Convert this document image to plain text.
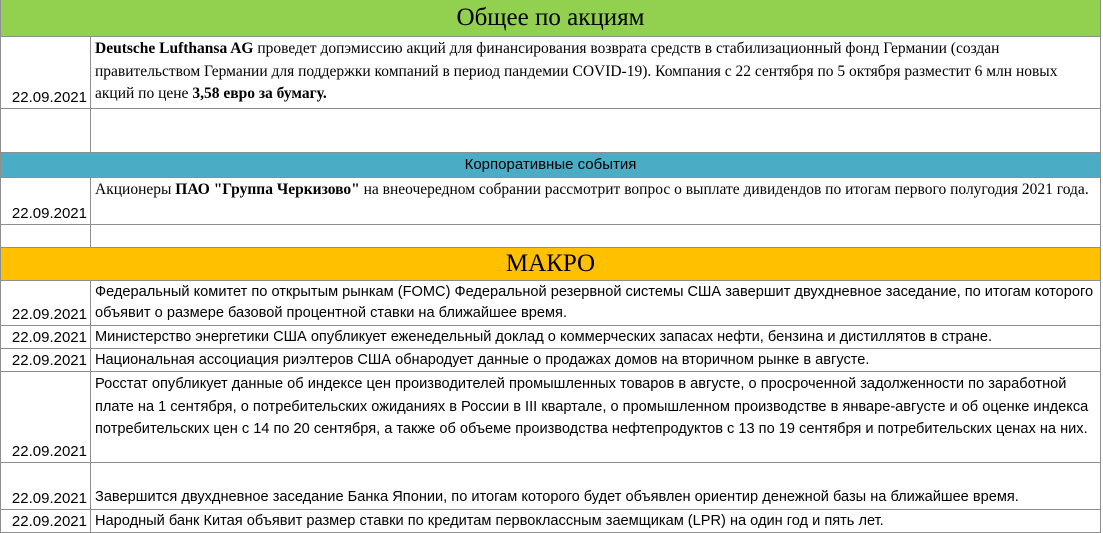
Общее по акциям
22.09.2021
Deutsche Lufthansa AG проведет допэмиссию акций для финансирования возврата средств в стабилизационный фонд Германии (создан правительством Германии для поддержки компаний в период пандемии COVID-19). Компания с 22 сентября по 5 октября разместит 6 млн новых акций по цене 3,58 евро за бумагу.
Корпоративные события
22.09.2021
Акционеры ПАО "Группа Черкизово" на внеочередном собрании рассмотрит вопрос о выплате дивидендов по итогам первого полугодия 2021 года.
МАКРО
22.09.2021
Федеральный комитет по открытым рынкам (FOMC) Федеральной резервной системы США завершит двухдневное заседание, по итогам которого объявит о размере базовой процентной ставки на ближайшее время.
22.09.2021 Министерство энергетики США опубликует еженедельный доклад о коммерческих запасах нефти, бензина и дистиллятов в стране.
22.09.2021 Национальная ассоциация риэлтеров США обнародует данные о продажах домов на вторичном рынке в августе.
22.09.2021
Росстат опубликует данные об индексе цен производителей промышленных товаров в августе, о просроченной задолженности по заработной плате на 1 сентября, о потребительских ожиданиях в России в III квартале, о промышленном производстве в январе-августе и об оценке индекса потребительских цен с 14 по 20 сентября, а также об объеме производства нефтепродуктов с 13 по 19 сентября и потребительских ценах на них.
22.09.2021 Завершится двухдневное заседание Банка Японии, по итогам которого будет объявлен ориентир денежной базы на ближайшее время.
22.09.2021 Народный банк Китая объявит размер ставки по кредитам первоклассным заемщикам (LPR) на один год и пять лет.
